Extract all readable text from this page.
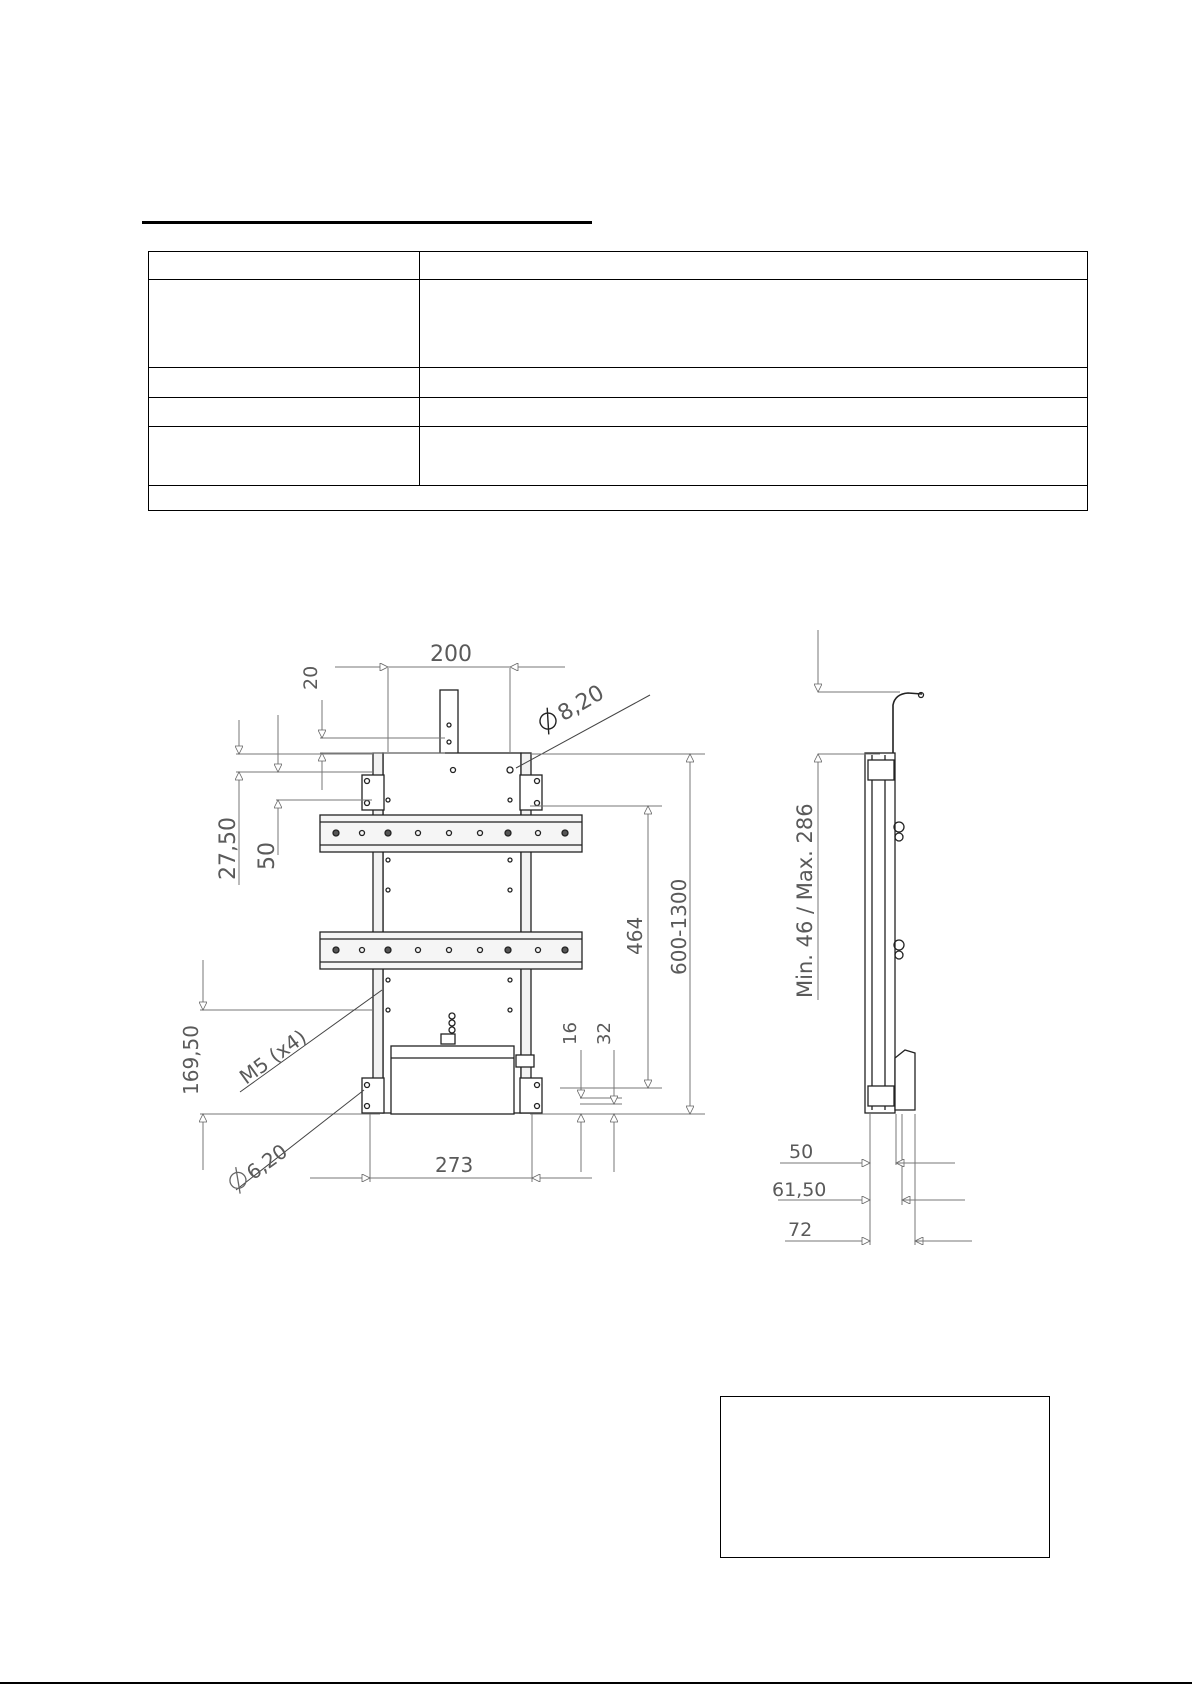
200
20
8,20
27,50 50
464 600-1300
16 32
169,50 M5 (x4)
6,20	273
Min. 46 / Max. 286
50
61,50
72
